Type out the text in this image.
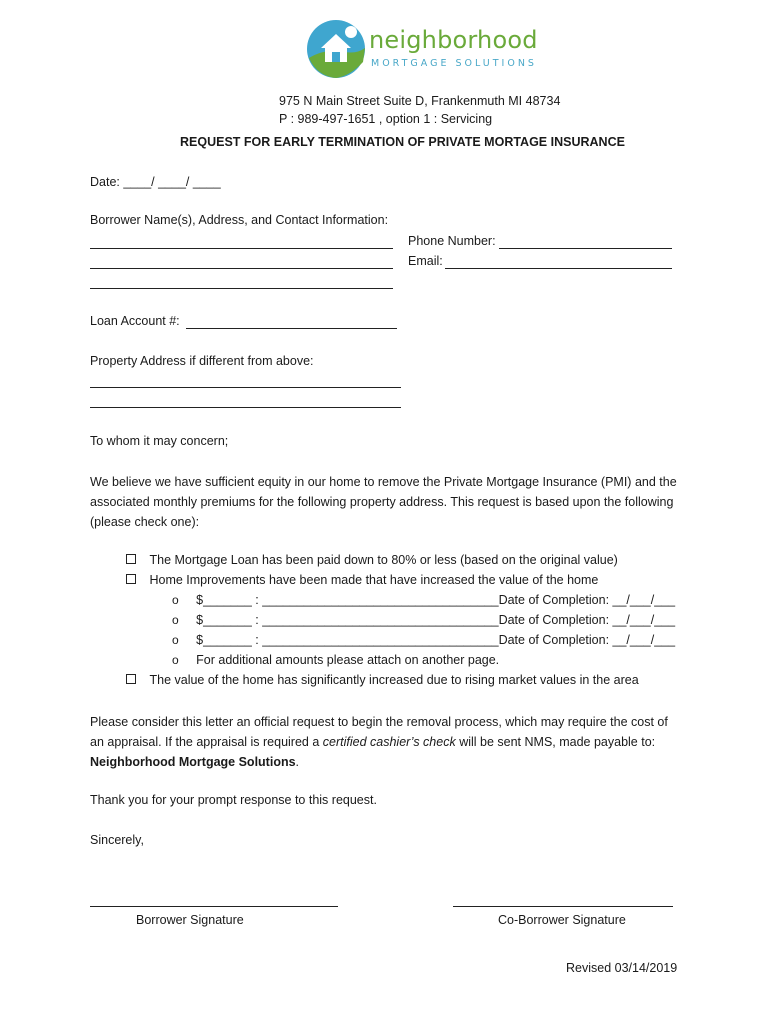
neighborhood
MORTGAGE SOLUTIONS
975 N Main Street Suite D, Frankenmuth MI 48734
P : 989-497-1651 , option 1 : Servicing
REQUEST FOR EARLY TERMINATION OF PRIVATE MORTAGE INSURANCE
Date: ____/ ____/ ____
Borrower Name(s), Address, and Contact Information:
Phone Number:
Email:
Loan Account #:
Property Address if different from above:
To whom it may concern;

We believe we have sufficient equity in our home to remove the Private Mortgage Insurance (PMI) and the associated monthly premiums for the following property address. This request is based upon the following (please check one):

The Mortgage Loan has been paid down to 80% or less (based on the original value)
Home Improvements have been made that have increased the value of the home
o $_______ : __________________________________Date of Completion: __/___/___
o $_______ : __________________________________Date of Completion: __/___/___
o $_______ : __________________________________Date of Completion: __/___/___
o For additional amounts please attach on another page.
The value of the home has significantly increased due to rising market values in the area

Please consider this letter an official request to begin the removal process, which may require the cost of an appraisal. If the appraisal is required a certified cashier’s check will be sent NMS, made payable to: Neighborhood Mortgage Solutions.

Thank you for your prompt response to this request.
Sincerely,
Borrower Signature	Co-Borrower Signature
Revised 03/14/2019
